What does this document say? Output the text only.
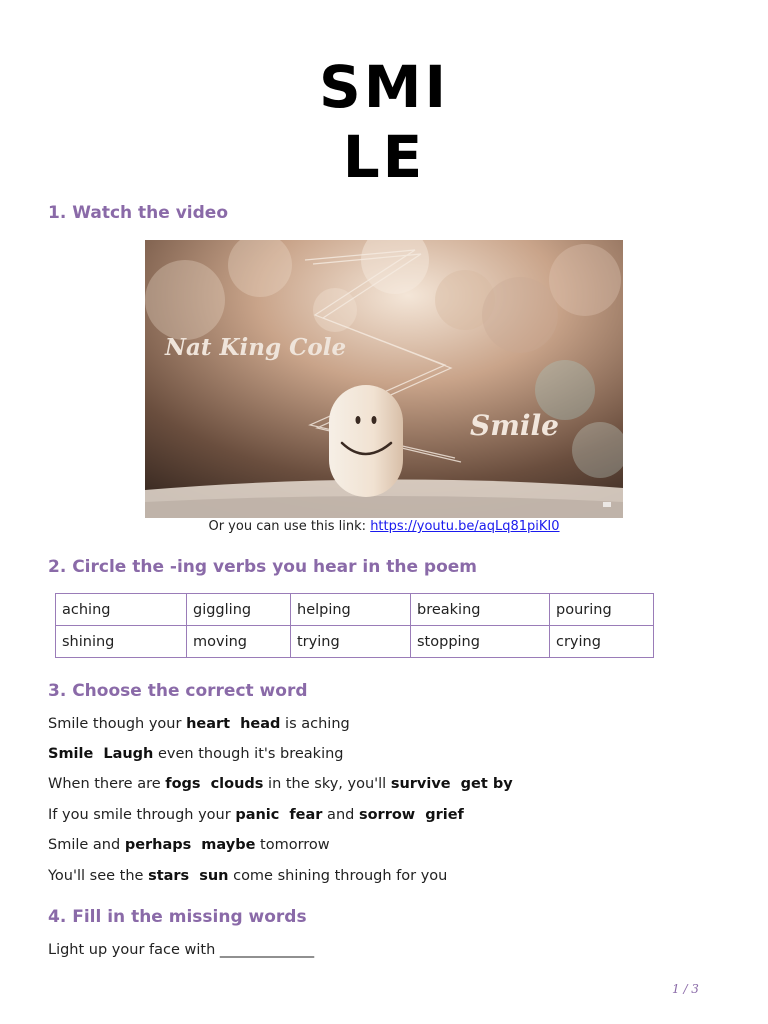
SMI
LE
1. Watch the video
Nat King Cole
Smile
Or you can use this link: https://youtu.be/aqLq81piKI0
2. Circle the -ing verbs you hear in the poem
aching	giggling	helping	breaking	pouring
shining	moving	trying	stopping	crying
3. Choose the correct word
Smile though your heart head is aching
Smile Laugh even though it's breaking
When there are fogs clouds in the sky, you'll survive get by
If you smile through your panic fear and sorrow grief
Smile and perhaps maybe tomorrow
You'll see the stars sun come shining through for you
4. Fill in the missing words
Light up your face with _____________
1 / 3
